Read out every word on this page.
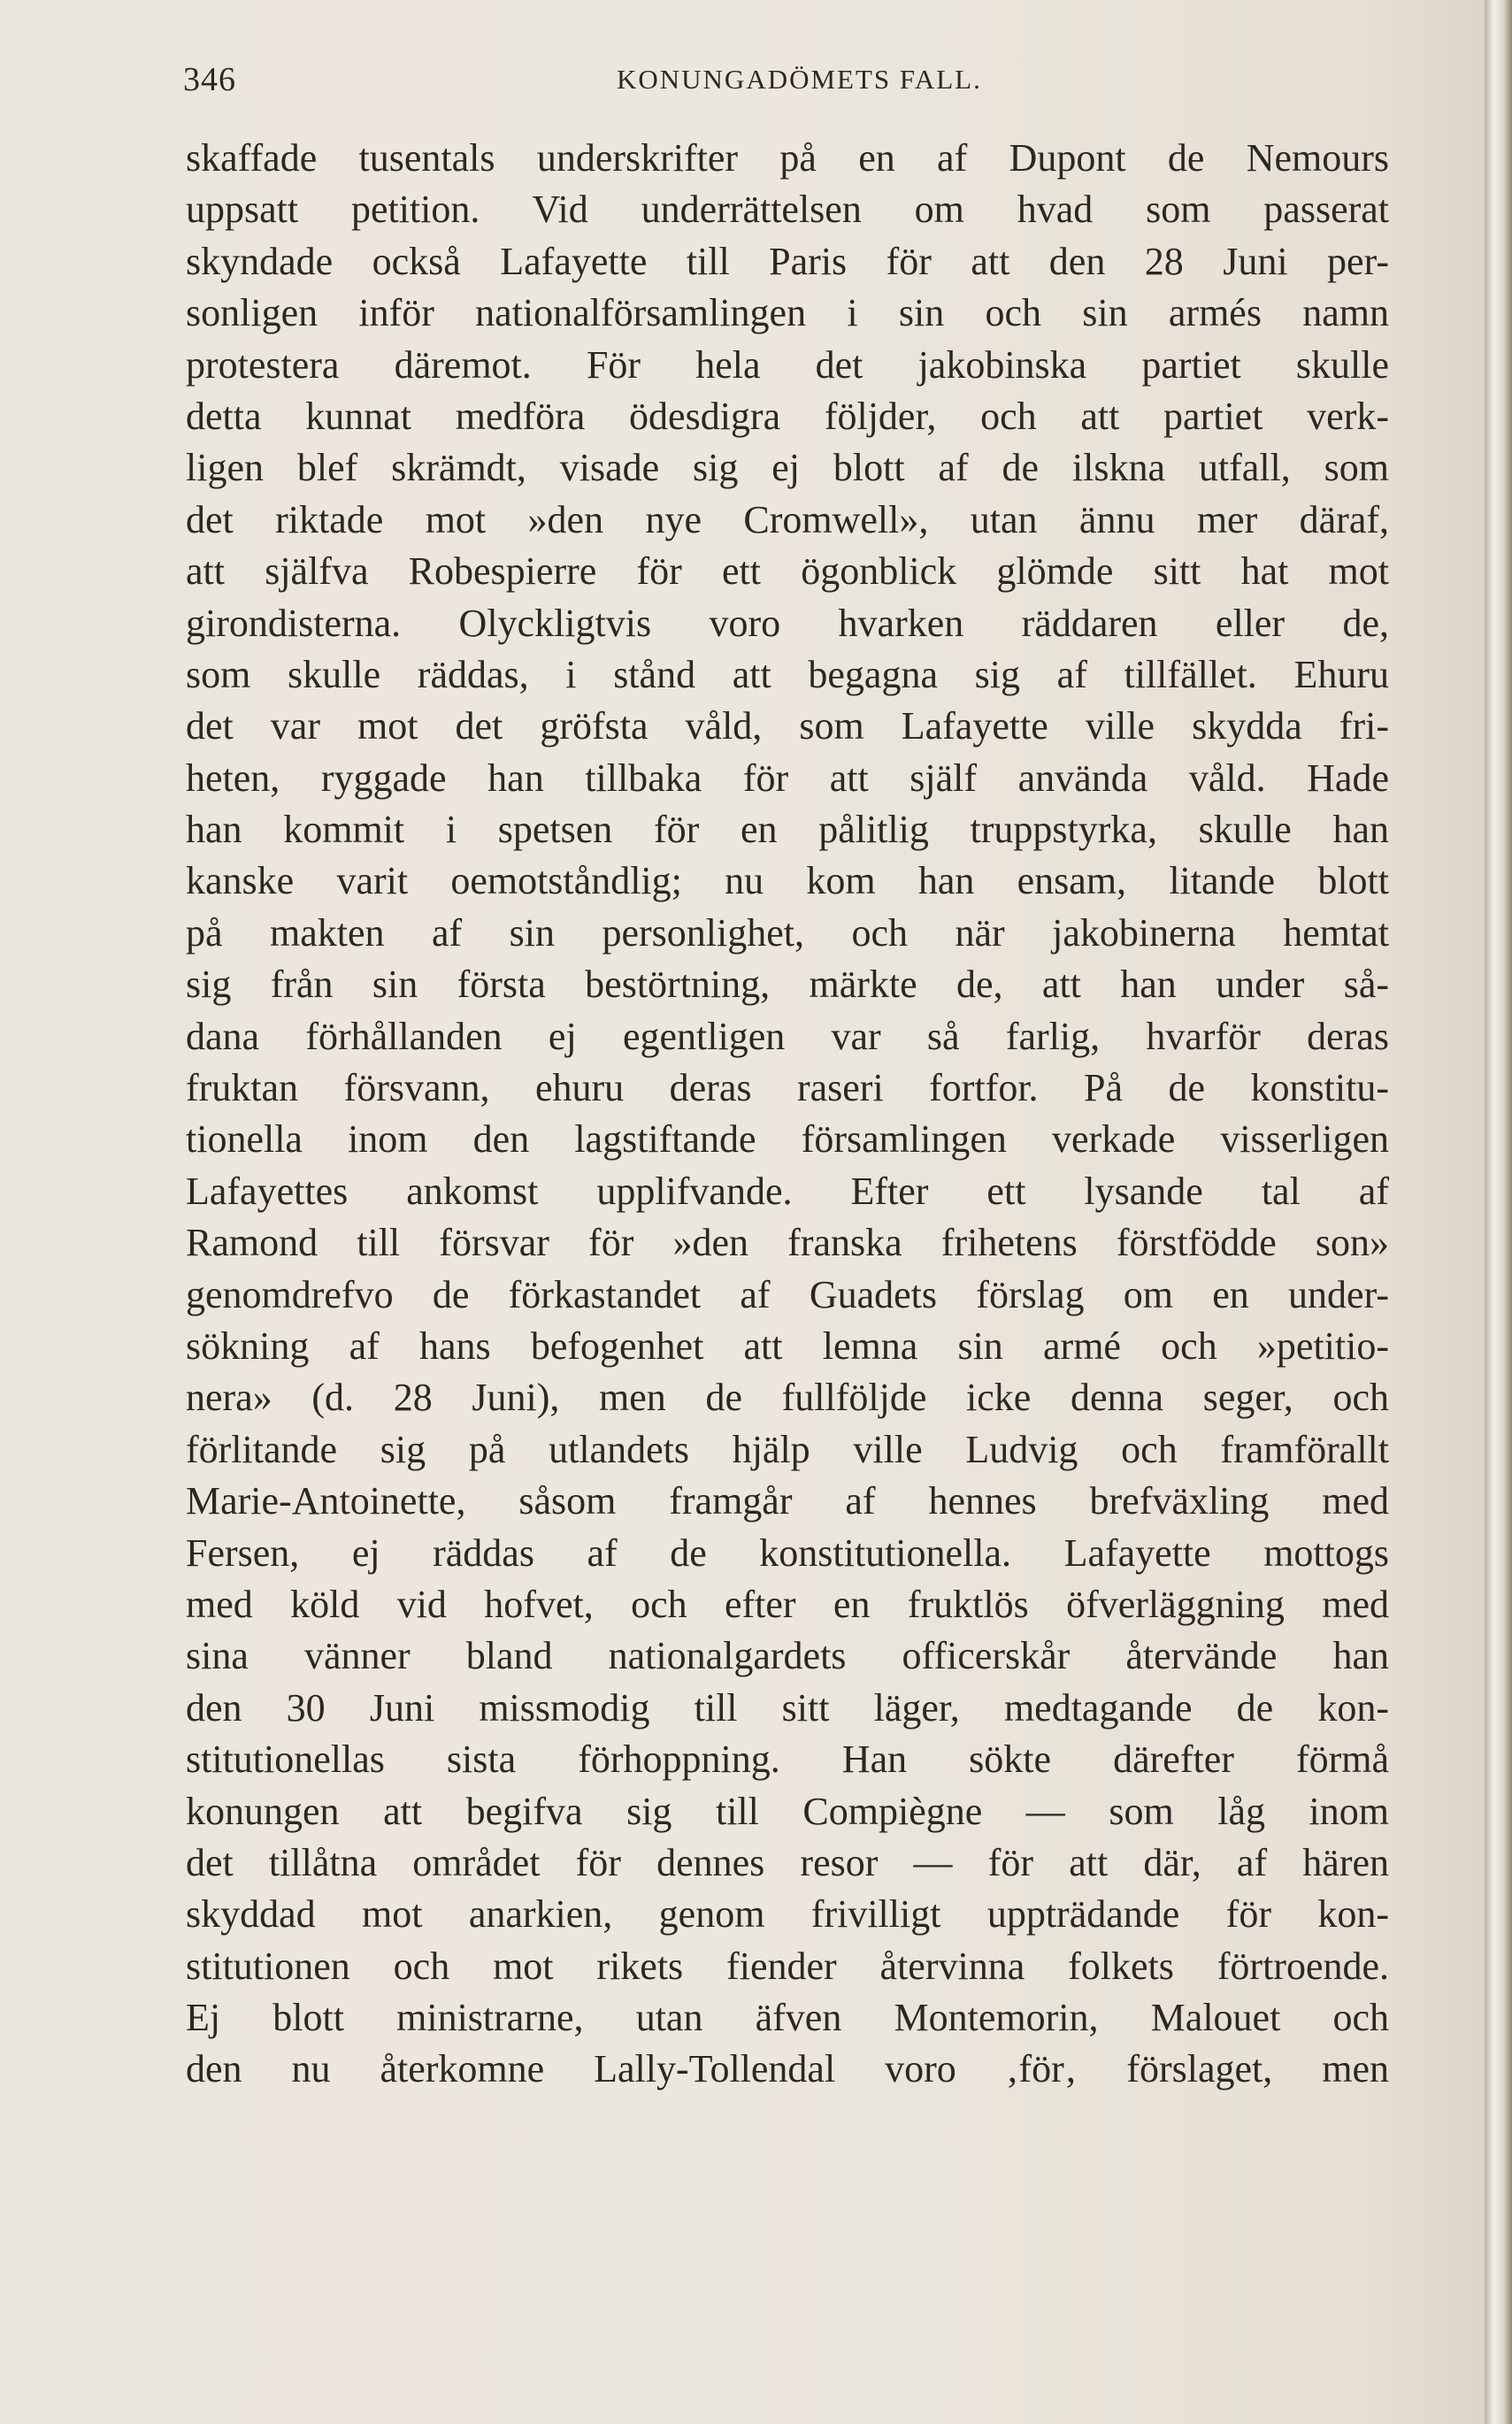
346	KONUNGADÖMETS FALL.
skaffade tusentals underskrifter på en af Dupont de Nemours
uppsatt petition. Vid underrättelsen om hvad som passerat
skyndade också Lafayette till Paris för att den 28 Juni per-
sonligen inför nationalförsamlingen i sin och sin armés namn
protestera däremot. För hela det jakobinska partiet skulle
detta kunnat medföra ödesdigra följder, och att partiet verk-
ligen blef skrämdt, visade sig ej blott af de ilskna utfall, som
det riktade mot »den nye Cromwell», utan ännu mer däraf,
att själfva Robespierre för ett ögonblick glömde sitt hat mot
girondisterna. Olyckligtvis voro hvarken räddaren eller de,
som skulle räddas, i stånd att begagna sig af tillfället. Ehuru
det var mot det gröfsta våld, som Lafayette ville skydda fri-
heten, ryggade han tillbaka för att själf använda våld. Hade
han kommit i spetsen för en pålitlig truppstyrka, skulle han
kanske varit oemotståndlig; nu kom han ensam, litande blott
på makten af sin personlighet, och när jakobinerna hemtat
sig från sin första bestörtning, märkte de, att han under så-
dana förhållanden ej egentligen var så farlig, hvarför deras
fruktan försvann, ehuru deras raseri fortfor. På de konstitu-
tionella inom den lagstiftande församlingen verkade visserligen
Lafayettes ankomst upplifvande. Efter ett lysande tal af
Ramond till försvar för »den franska frihetens förstfödde son»
genomdrefvo de förkastandet af Guadets förslag om en under-
sökning af hans befogenhet att lemna sin armé och »petitio-
nera» (d. 28 Juni), men de fullföljde icke denna seger, och
förlitande sig på utlandets hjälp ville Ludvig och framförallt
Marie-Antoinette, såsom framgår af hennes brefväxling med
Fersen, ej räddas af de konstitutionella. Lafayette mottogs
med köld vid hofvet, och efter en fruktlös öfverläggning med
sina vänner bland nationalgardets officerskår återvände han
den 30 Juni missmodig till sitt läger, medtagande de kon-
stitutionellas sista förhoppning. Han sökte därefter förmå
konungen att begifva sig till Compiègne — som låg inom
det tillåtna området för dennes resor — för att där, af hären
skyddad mot anarkien, genom frivilligt uppträdande för kon-
stitutionen och mot rikets fiender återvinna folkets förtroende.
Ej blott ministrarne, utan äfven Montemorin, Malouet och
den nu återkomne Lally-Tollendal voro ‚för‚ förslaget, men
